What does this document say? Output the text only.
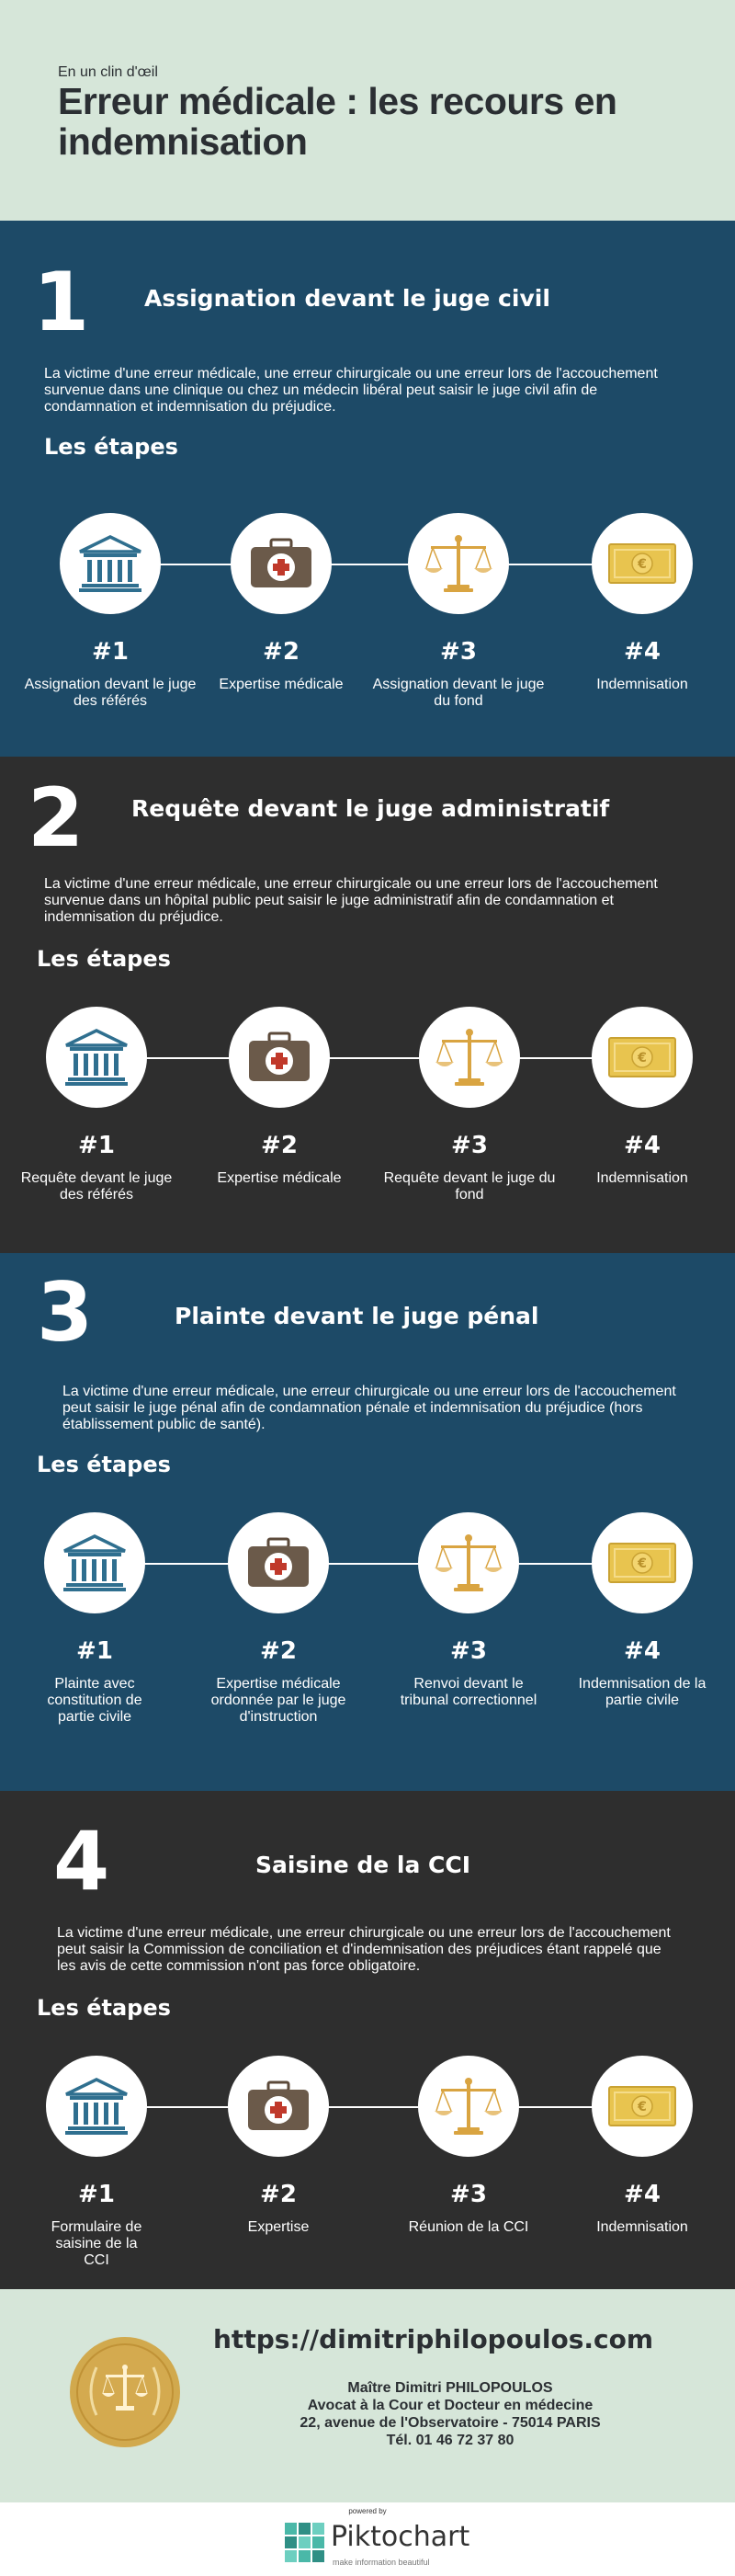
En un clin d'œil
Erreur médicale : les recours en indemnisation
1 Assignation devant le juge civil
La victime d'une erreur médicale, une erreur chirurgicale ou une erreur lors de l'accouchement survenue dans une clinique ou chez un médecin libéral peut saisir le juge civil afin de condamnation et indemnisation du préjudice.
Les étapes
#1
Assignation devant le juge des référés
#2
Expertise médicale
#3
Assignation devant le juge du fond
€
#4
Indemnisation
2 Requête devant le juge administratif
La victime d'une erreur médicale, une erreur chirurgicale ou une erreur lors de l'accouchement survenue dans un hôpital public peut saisir le juge administratif afin de condamnation et indemnisation du préjudice.
Les étapes
#1
Requête devant le juge des référés
#2
Expertise médicale
#3
Requête devant le juge du fond
€
#4
Indemnisation
3	Plainte devant le juge pénal
La victime d'une erreur médicale, une erreur chirurgicale ou une erreur lors de l'accouchement peut saisir le juge pénal afin de condamnation pénale et indemnisation du préjudice (hors établissement public de santé).
Les étapes
#1
Plainte avec constitution de partie civile
#2
Expertise médicale ordonnée par le juge d'instruction
#3
Renvoi devant le tribunal correctionnel
€
#4
Indemnisation de la partie civile
4	Saisine de la CCI
La victime d'une erreur médicale, une erreur chirurgicale ou une erreur lors de l'accouchement peut saisir la Commission de conciliation et d'indemnisation des préjudices étant rappelé que les avis de cette commission n'ont pas force obligatoire.
Les étapes
#1
Formulaire de saisine de la CCI
#2
Expertise
#3
Réunion de la CCI
€
#4
Indemnisation
https://dimitriphilopoulos.com
Maître Dimitri PHILOPOULOS
Avocat à la Cour et Docteur en médecine
22, avenue de l'Observatoire - 75014 PARIS
Tél. 01 46 72 37 80
powered by
Piktochart
make information beautiful
